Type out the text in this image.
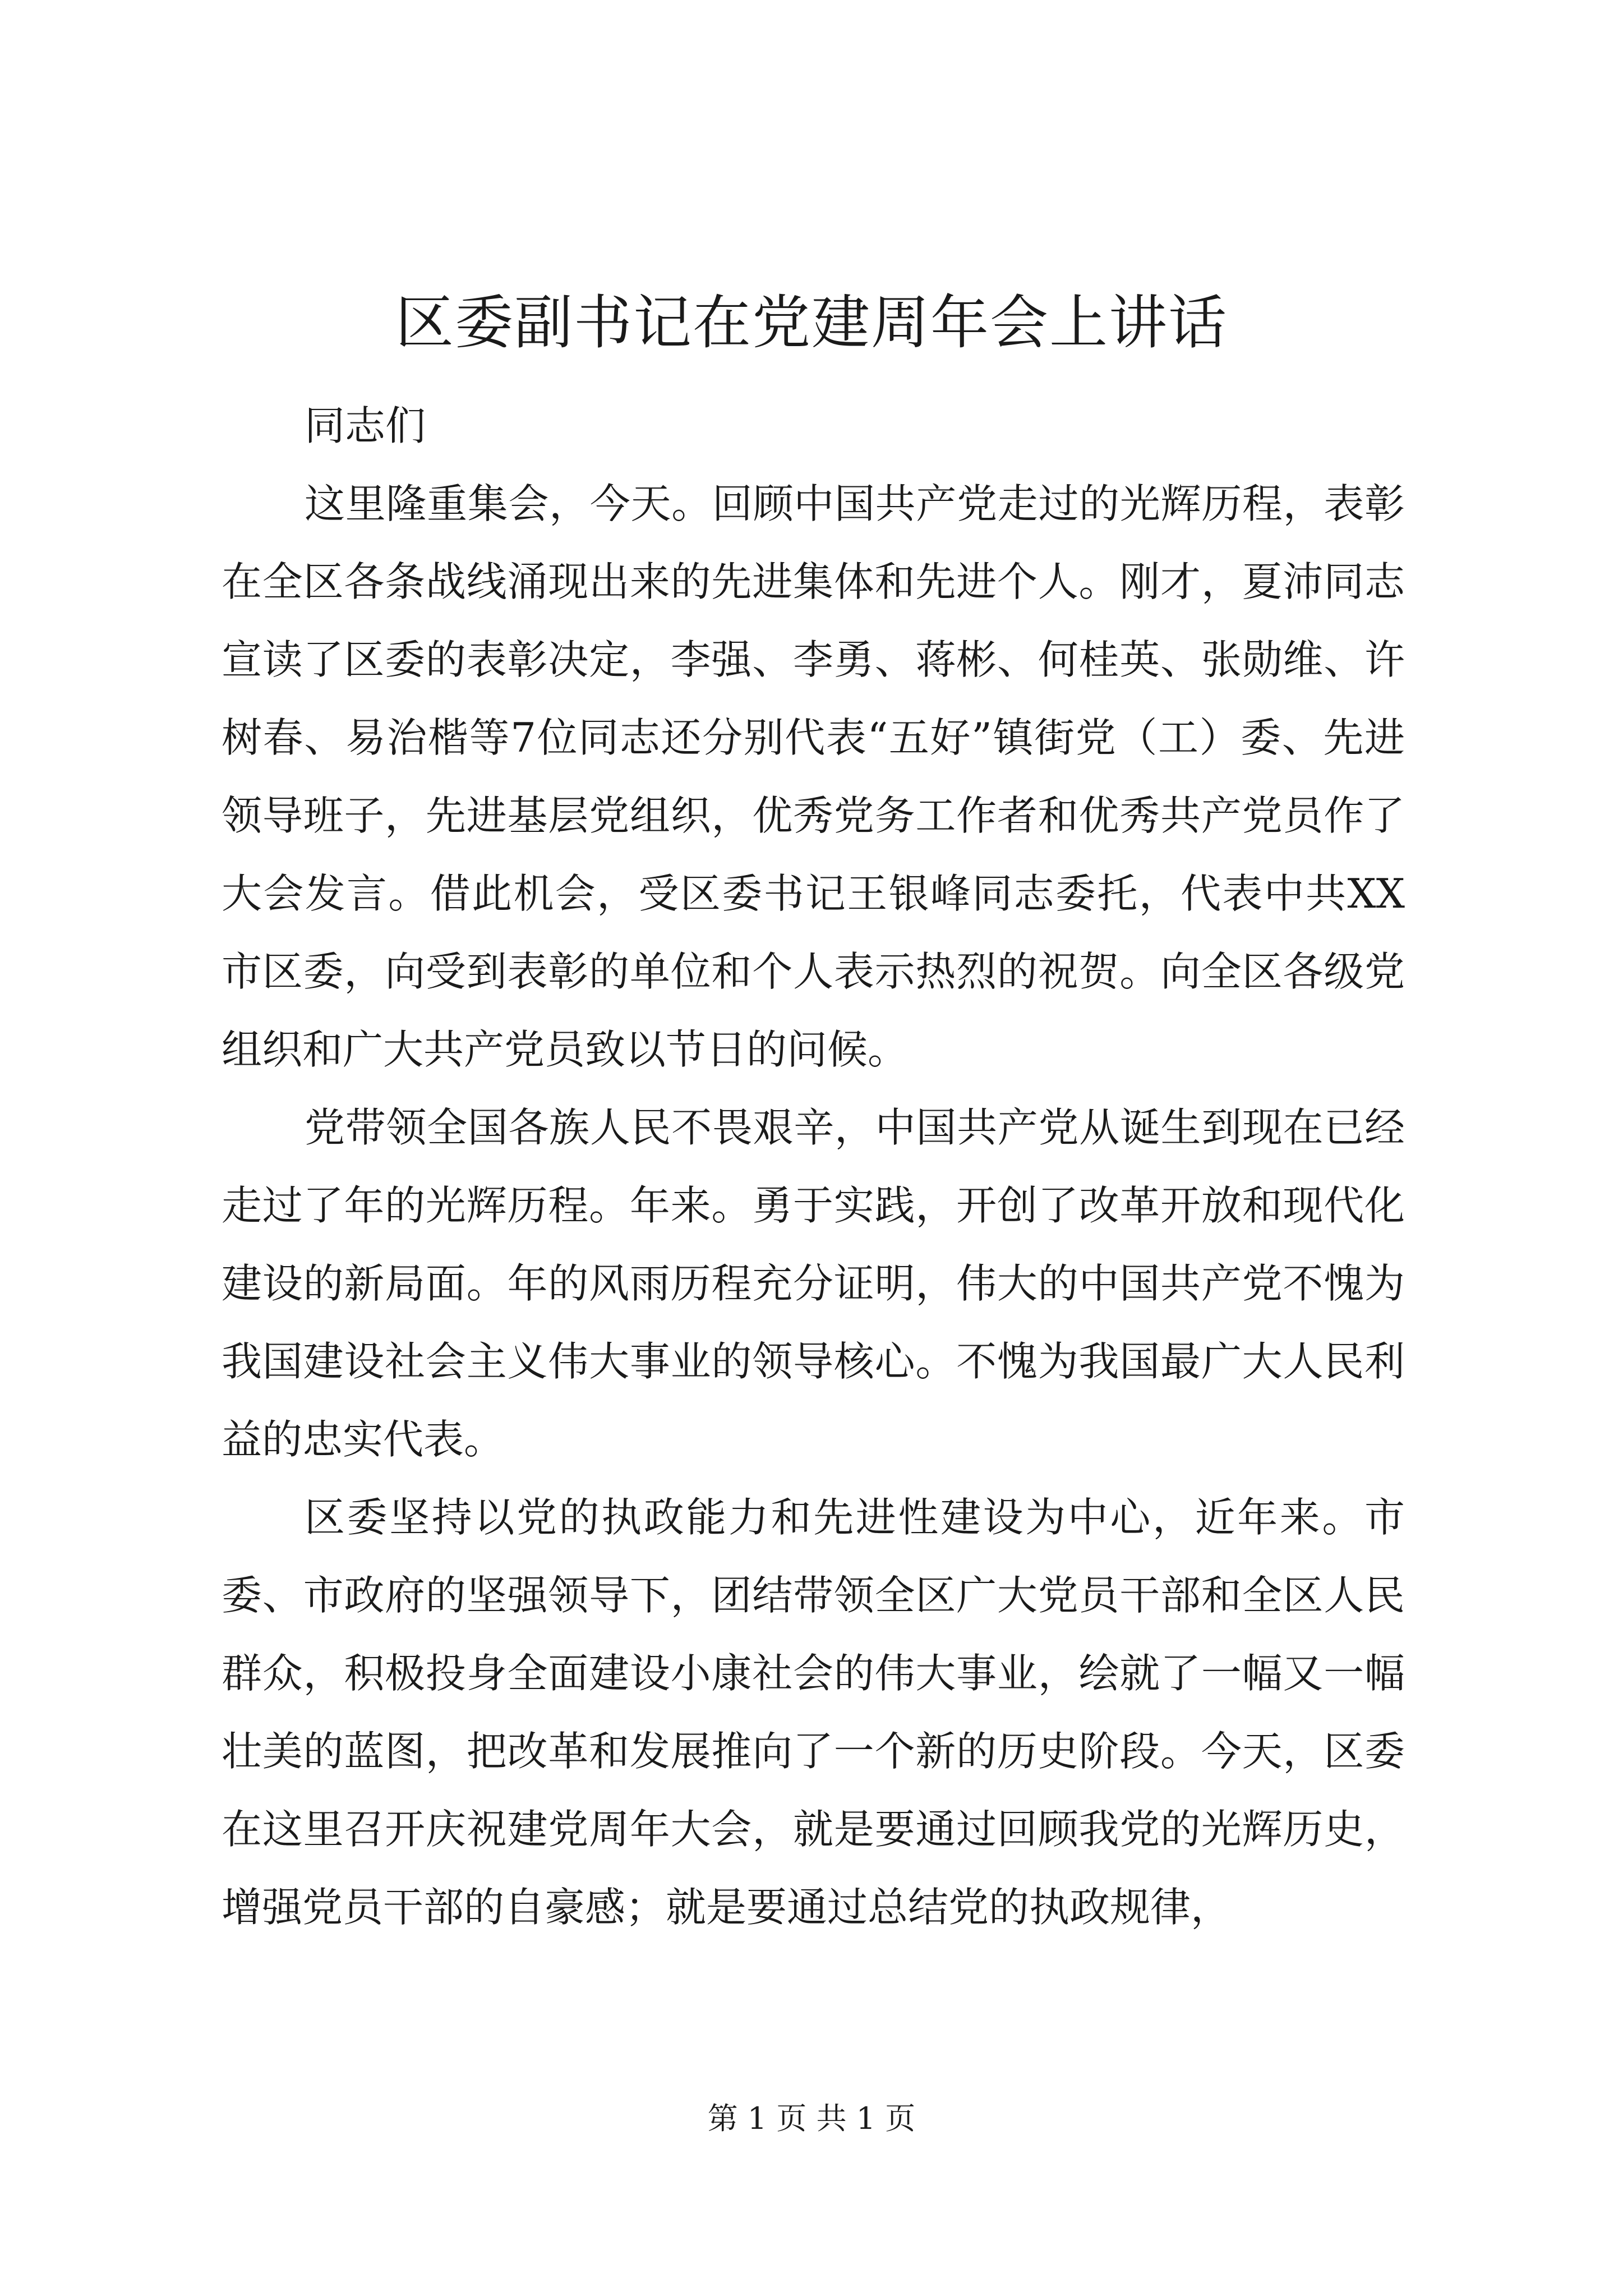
区委副书记在党建周年会上讲话

同志们

这里隆重集会，今天。回顾中国共产党走过的光辉历程，表彰在全区各条战线涌现出来的先进集体和先进个人。刚才，夏沛同志宣读了区委的表彰决定，李强、李勇、蒋彬、何桂英、张勋维、许树春、易治楷等7位同志还分别代表“五好”镇街党（工）委、先进领导班子，先进基层党组织，优秀党务工作者和优秀共产党员作了大会发言。借此机会，受区委书记王银峰同志委托，代表中共XX市区委，向受到表彰的单位和个人表示热烈的祝贺。向全区各级党组织和广大共产党员致以节日的问候。

党带领全国各族人民不畏艰辛，中国共产党从诞生到现在已经走过了年的光辉历程。年来。勇于实践，开创了改革开放和现代化建设的新局面。年的风雨历程充分证明，伟大的中国共产党不愧为我国建设社会主义伟大事业的领导核心。不愧为我国最广大人民利益的忠实代表。

区委坚持以党的执政能力和先进性建设为中心，近年来。市委、市政府的坚强领导下，团结带领全区广大党员干部和全区人民群众，积极投身全面建设小康社会的伟大事业，绘就了一幅又一幅壮美的蓝图，把改革和发展推向了一个新的历史阶段。今天，区委在这里召开庆祝建党周年大会，就是要通过回顾我党的光辉历史，增强党员干部的自豪感；就是要通过总结党的执政规律，

第 1 页 共 1 页
